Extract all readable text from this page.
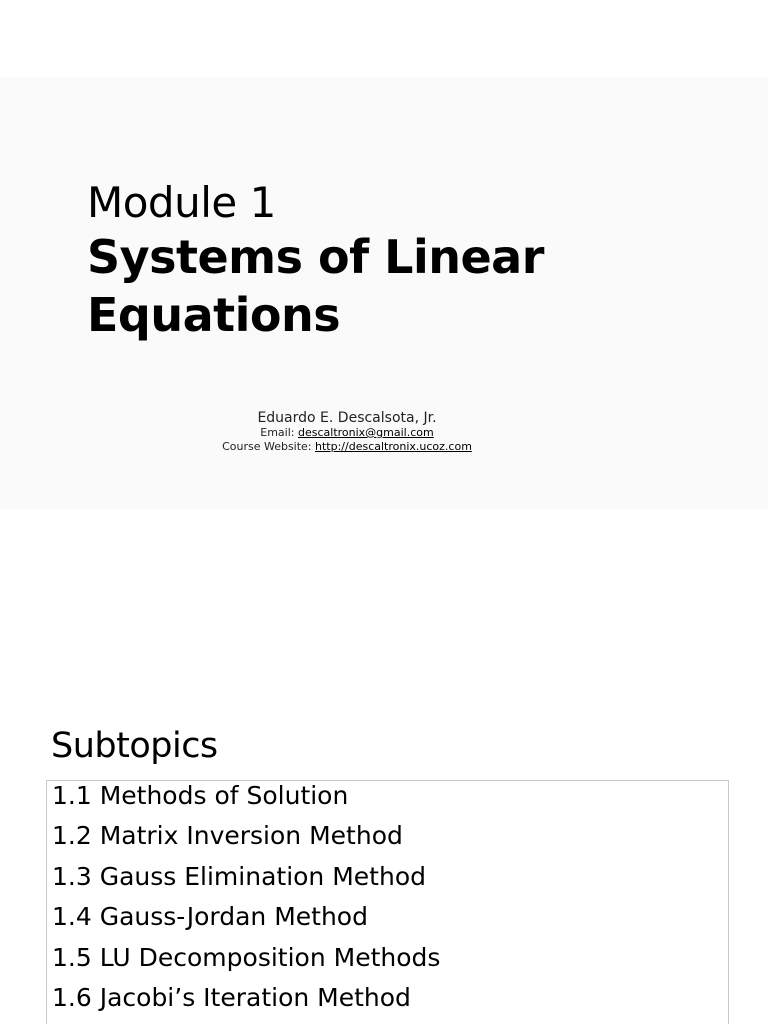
Module 1
Systems of Linear
Equations
Eduardo E. Descalsota, Jr.
Email: descaltronix@gmail.com
Course Website: http://descaltronix.ucoz.com
Subtopics
1.1 Methods of Solution
1.2 Matrix Inversion Method
1.3 Gauss Elimination Method
1.4 Gauss-Jordan Method
1.5 LU Decomposition Methods
1.6 Jacobi’s Iteration Method
